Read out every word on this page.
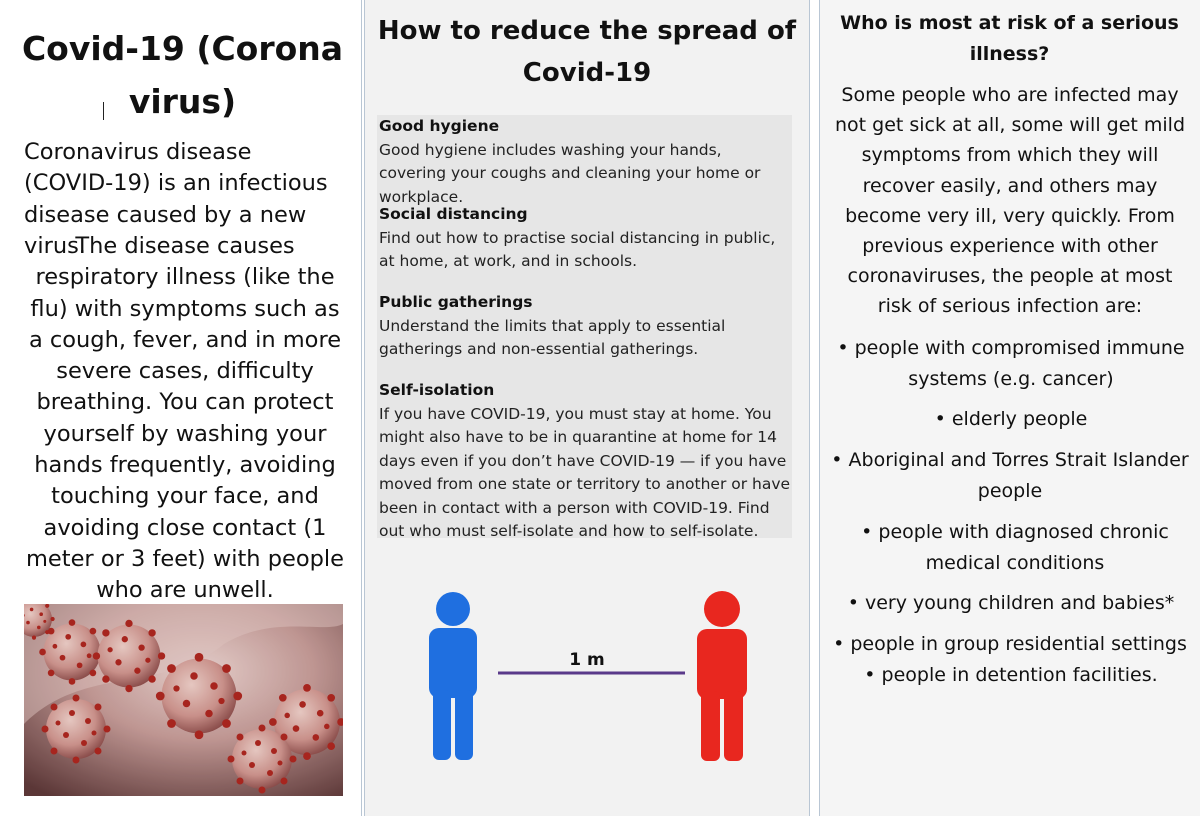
Covid-19 (Corona virus)
Coronavirus disease (COVID-19) is an infectious disease caused by a new virus.
The disease causes respiratory illness (like the flu) with symptoms such as a cough, fever, and in more severe cases, difficulty breathing. You can protect yourself by washing your hands frequently, avoiding touching your face, and avoiding close contact (1 meter or 3 feet) with people who are unwell.
How to reduce the spread of Covid-19
Good hygiene
Good hygiene includes washing your hands, covering your coughs and cleaning your home or workplace.
Social distancing
Find out how to practise social distancing in public, at home, at work, and in schools.
Public gatherings
Understand the limits that apply to essential gatherings and non-essential gatherings.
Self-isolation
If you have COVID-19, you must stay at home. You might also have to be in quarantine at home for 14 days even if you don’t have COVID-19 — if you have moved from one state or territory to another or have been in contact with a person with COVID-19. Find out who must self-isolate and how to self-isolate.
1 m
Who is most at risk of a serious illness?
Some people who are infected may not get sick at all, some will get mild symptoms from which they will recover easily, and others may become very ill, very quickly. From previous experience with other coronaviruses, the people at most risk of serious infection are:
• people with compromised immune systems (e.g. cancer)
• elderly people
• Aboriginal and Torres Strait Islander people
• people with diagnosed chronic medical conditions
• very young children and babies*
• people in group residential settings
• people in detention facilities.
